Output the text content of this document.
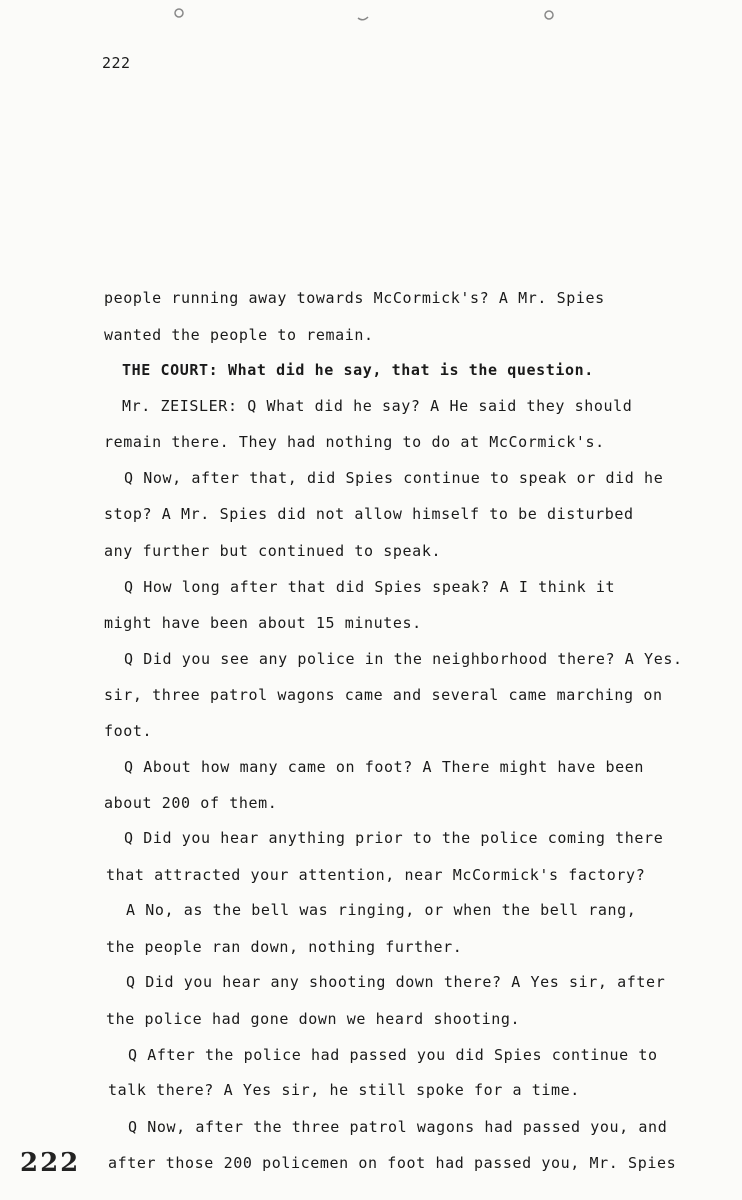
222
people running away towards McCormick's? A Mr. Spies
wanted the people to remain.
THE COURT: What did he say, that is the question.
Mr. ZEISLER: Q What did he say? A He said they should
remain there. They had nothing to do at McCormick's.
Q Now, after that, did Spies continue to speak or did he
stop? A Mr. Spies did not allow himself to be disturbed
any further but continued to speak.
Q How long after that did Spies speak? A I think it
might have been about 15 minutes.
Q Did you see any police in the neighborhood there? A Yes.
sir, three patrol wagons came and several came marching on
foot.
Q About how many came on foot? A There might have been
about 200 of them.
Q Did you hear anything prior to the police coming there
that attracted your attention, near McCormick's factory?
A No, as the bell was ringing, or when the bell rang,
the people ran down, nothing further.
Q Did you hear any shooting down there? A Yes sir, after
the police had gone down we heard shooting.
Q After the police had passed you did Spies continue to
talk there? A Yes sir, he still spoke for a time.
Q Now, after the three patrol wagons had passed you, and
after those 200 policemen on foot had passed you, Mr. Spies
222
